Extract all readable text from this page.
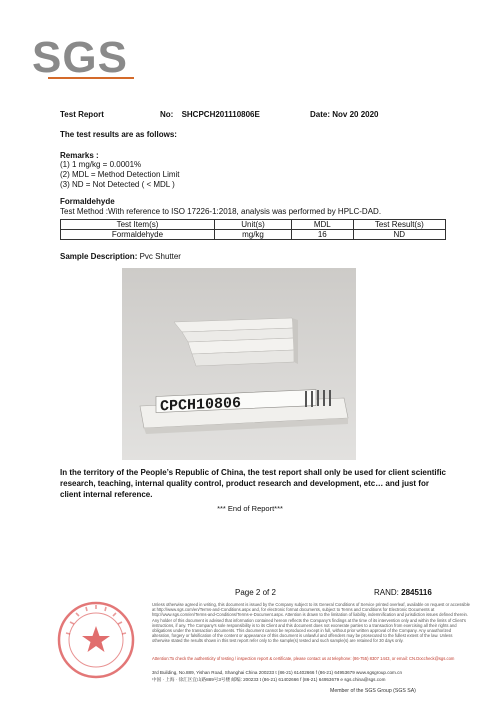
SGS
Test Report	No: SHCPCH201110806E	Date: Nov 20 2020
The test results are as follows:
Remarks :
(1) 1 mg/kg = 0.0001%
(2) MDL = Method Detection Limit
(3) ND = Not Detected ( < MDL )
Formaldehyde
Test Method :With reference to ISO 17226-1:2018, analysis was performed by HPLC-DAD.
Test Item(s)	Unit(s)	MDL	Test Result(s)
Formaldehyde	mg/kg	16	ND
Sample Description: Pvc Shutter
CPCH10806
In the territory of the People’s Republic of China, the test report shall only be used for client scientific research, teaching, internal quality control, product research and development, etc… and just for client internal reference.
*** End of Report***
Page 2 of 2	RAND: 2845116
Unless otherwise agreed in writing, this document is issued by the Company subject to its General Conditions of Service printed overleaf, available on request or accessible at http://www.sgs.com/en/Terms-and-Conditions.aspx and, for electronic format documents, subject to Terms and Conditions for Electronic Documents at http://www.sgs.com/en/Terms-and-Conditions/Terms-e-Document.aspx. Attention is drawn to the limitation of liability, indemnification and jurisdiction issues defined therein. Any holder of this document is advised that information contained hereon reflects the Company's findings at the time of its intervention only and within the limits of Client's instructions, if any. The Company's sole responsibility is to its Client and this document does not exonerate parties to a transaction from exercising all their rights and obligations under the transaction documents. This document cannot be reproduced except in full, without prior written approval of the Company. Any unauthorized alteration, forgery or falsification of the content or appearance of this document is unlawful and offenders may be prosecuted to the fullest extent of the law. Unless otherwise stated the results shown in this test report refer only to the sample(s) tested and such sample(s) are retained for 30 days only.
Attention:To check the authenticity of testing / inspection report & certificate, please contact us at telephone: (86-755) 8307 1443, or email: CN.Doccheck@sgs.com
3rd Building, No.889, Yishan Road, Shanghai China 200233 t (86-21) 61402666 f (86-21) 64953679 www.sgsgroup.com.cn
中国 · 上海 · 徐汇区宜山路889号3号楼 邮编: 200233 t (86-21) 61402666 f (86-21) 64953679 e sgs.china@sgs.com
Member of the SGS Group (SGS SA)
